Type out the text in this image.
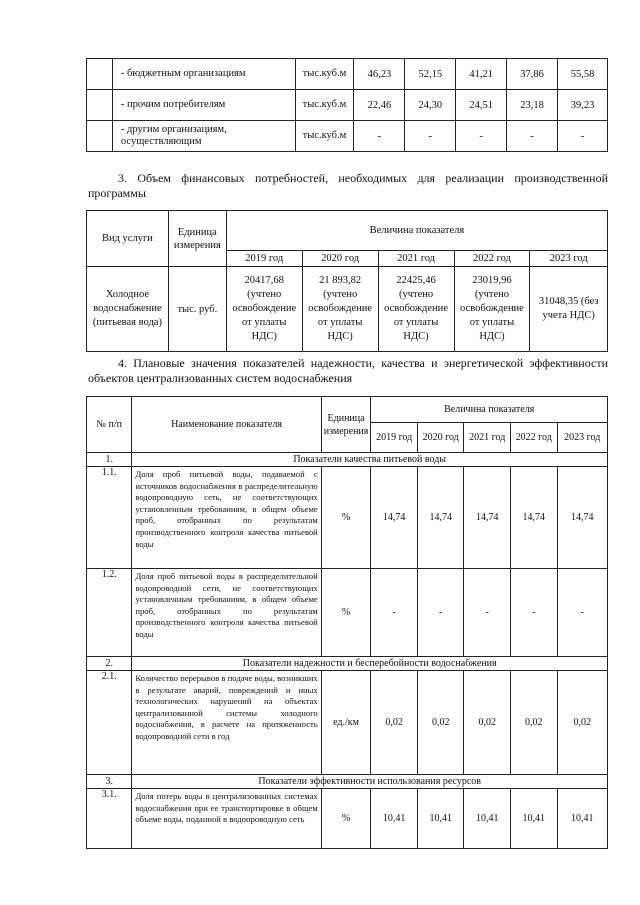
	- бюджетным организациям	тыс.куб.м	46,23	52,15	41,21	37,86	55,58
	- прочим потребителям	тыс.куб.м	22,46	24,30	24,51	23,18	39,23
	- другим организациям, осуществляющим	тыс.куб.м	-	-	-	-	-
3. Объем финансовых потребностей, необходимых для реализации производственной программы
Вид услуги	Единица измерения	Величина показателя				
		2019 год	2020 год	2021 год	2022 год	2023 год
Холодное водоснабжение (питьевая вода)	тыс. руб.	20417,68 (учтено освобождение от уплаты НДС)	21 893,82 (учтено освобождение от уплаты НДС)	22425,46 (учтено освобождение от уплаты НДС)	23019,96 (учтено освобождение от уплаты НДС)	31048,35 (без учета НДС)
4. Плановые значения показателей надежности, качества и энергетической эффективности объектов централизованных систем водоснабжения
№ п/п	Наименование показателя	Единица измерения	Величина показателя				
			2019 год	2020 год	2021 год	2022 год	2023 год
1.	Показатели качества питьевой воды						
1.1.	Доля проб питьевой воды, подаваемой с источников водоснабжения в распределительную водопроводную сеть, не соответствующих установленным требованиям, в общем объеме проб, отобранных по результатам производственного контроля качества питьевой воды	%	14,74	14,74	14,74	14,74	14,74
1.2.	Доля проб питьевой воды в распределительной водопроводной сети, не соответствующих установленным требованиям, в общем объеме проб, отобранных по результатам производственного контроля качества питьевой воды	%	-	-	-	-	-
2.	Показатели надежности и бесперебойности водоснабжения						
2.1.	Количество перерывов в подаче воды, возникших в результате аварий, повреждений и иных технологических нарушений на объектах централизованной системы холодного водоснабжения, в расчете на протяженность водопроводной сети в год	ед./км	0,02	0,02	0,02	0,02	0,02
3.	Показатели эффективности использования ресурсов						
3.1.	Доля потерь воды в централизованных системах водоснабжения при ее транспортировке в общем объеме воды, поданной в водопроводную сеть	%	10,41	10,41	10,41	10,41	10,41
